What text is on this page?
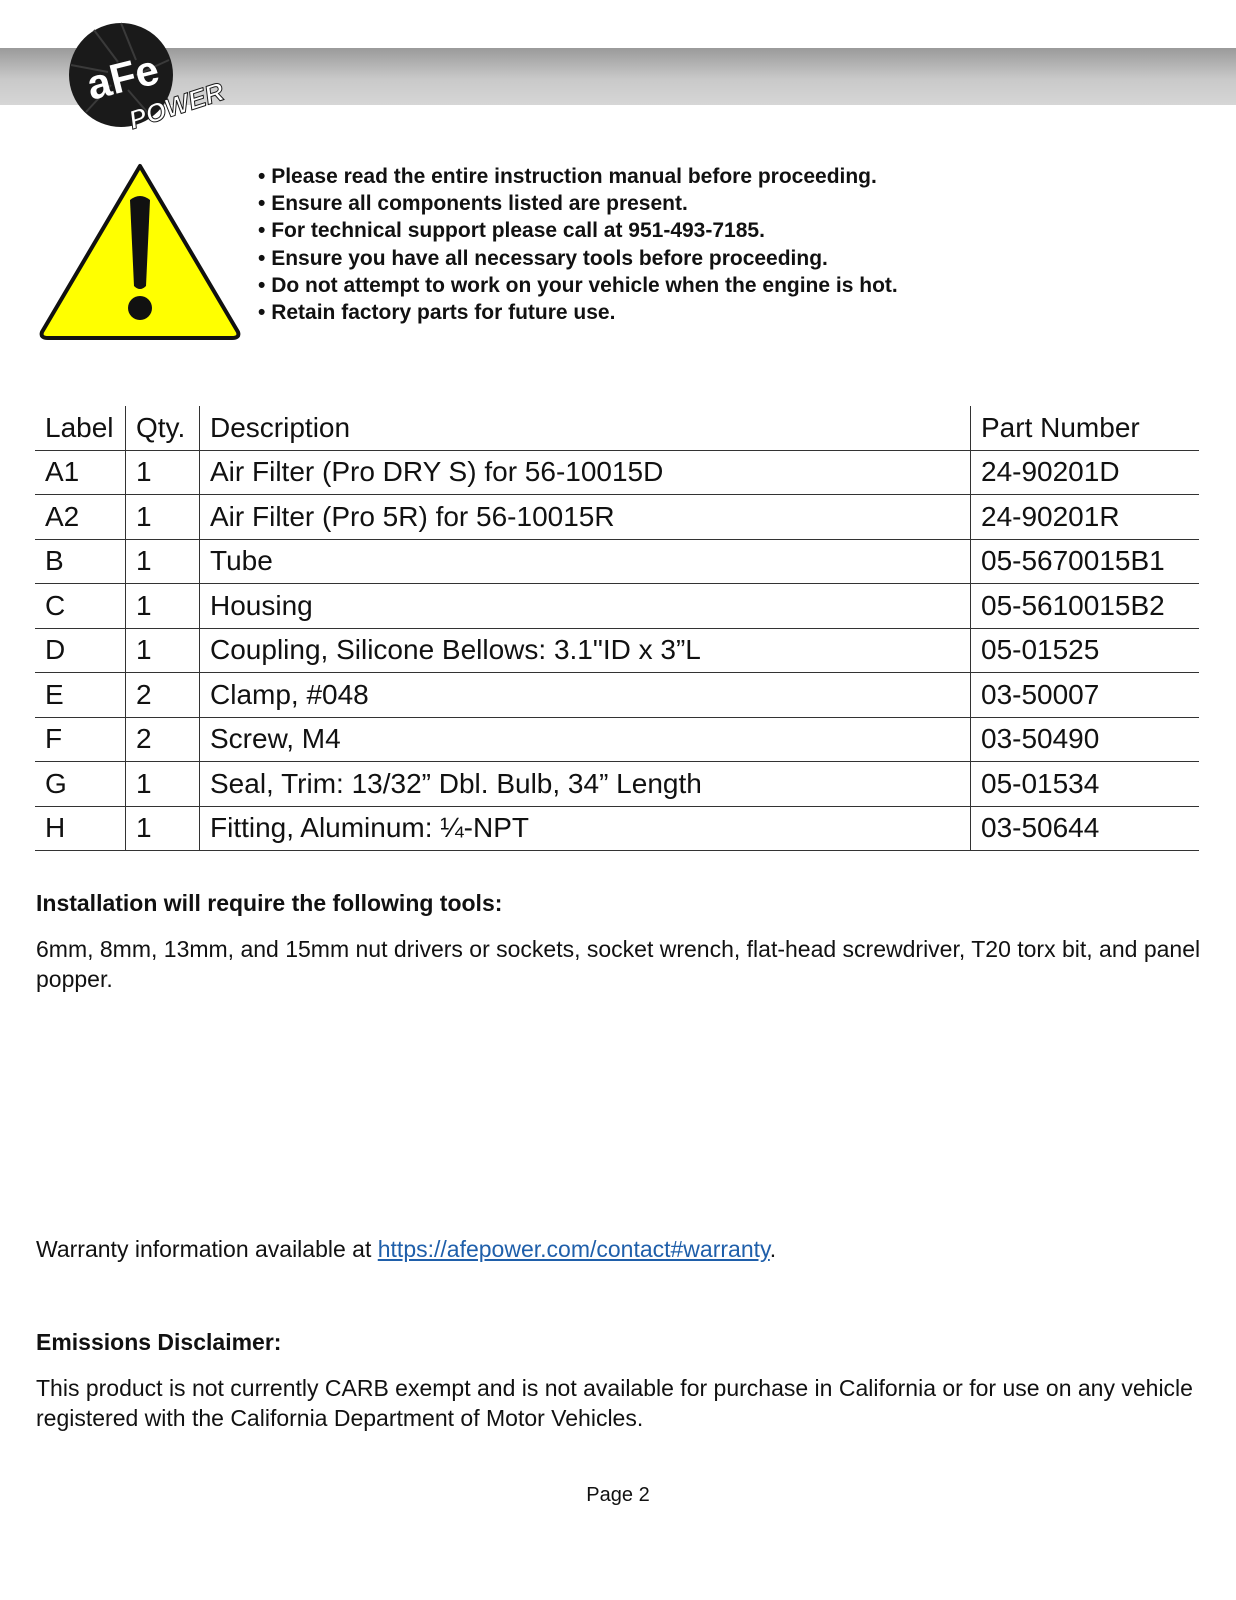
aFe
POWER
• Please read the entire instruction manual before proceeding.
• Ensure all components listed are present.
• For technical support please call at 951-493-7185.
• Ensure you have all necessary tools before proceeding.
• Do not attempt to work on your vehicle when the engine is hot.
• Retain factory parts for future use.
Label	Qty.	Description	Part Number
A1	1	Air Filter (Pro DRY S) for 56-10015D	24-90201D
A2	1	Air Filter (Pro 5R) for 56-10015R	24-90201R
B	1	Tube	05-5670015B1
C	1	Housing	05-5610015B2
D	1	Coupling, Silicone Bellows: 3.1"ID x 3”L	05-01525
E	2	Clamp, #048	03-50007
F	2	Screw, M4	03-50490
G	1	Seal, Trim: 13/32” Dbl. Bulb, 34” Length	05-01534
H	1	Fitting, Aluminum: ¼-NPT	03-50644

Installation will require the following tools:

6mm, 8mm, 13mm, and 15mm nut drivers or sockets, socket wrench, flat-head screwdriver, T20 torx bit, and panel popper.

Warranty information available at https://afepower.com/contact#warranty.

Emissions Disclaimer:

This product is not currently CARB exempt and is not available for purchase in California or for use on any vehicle registered with the California Department of Motor Vehicles.

Page 2
